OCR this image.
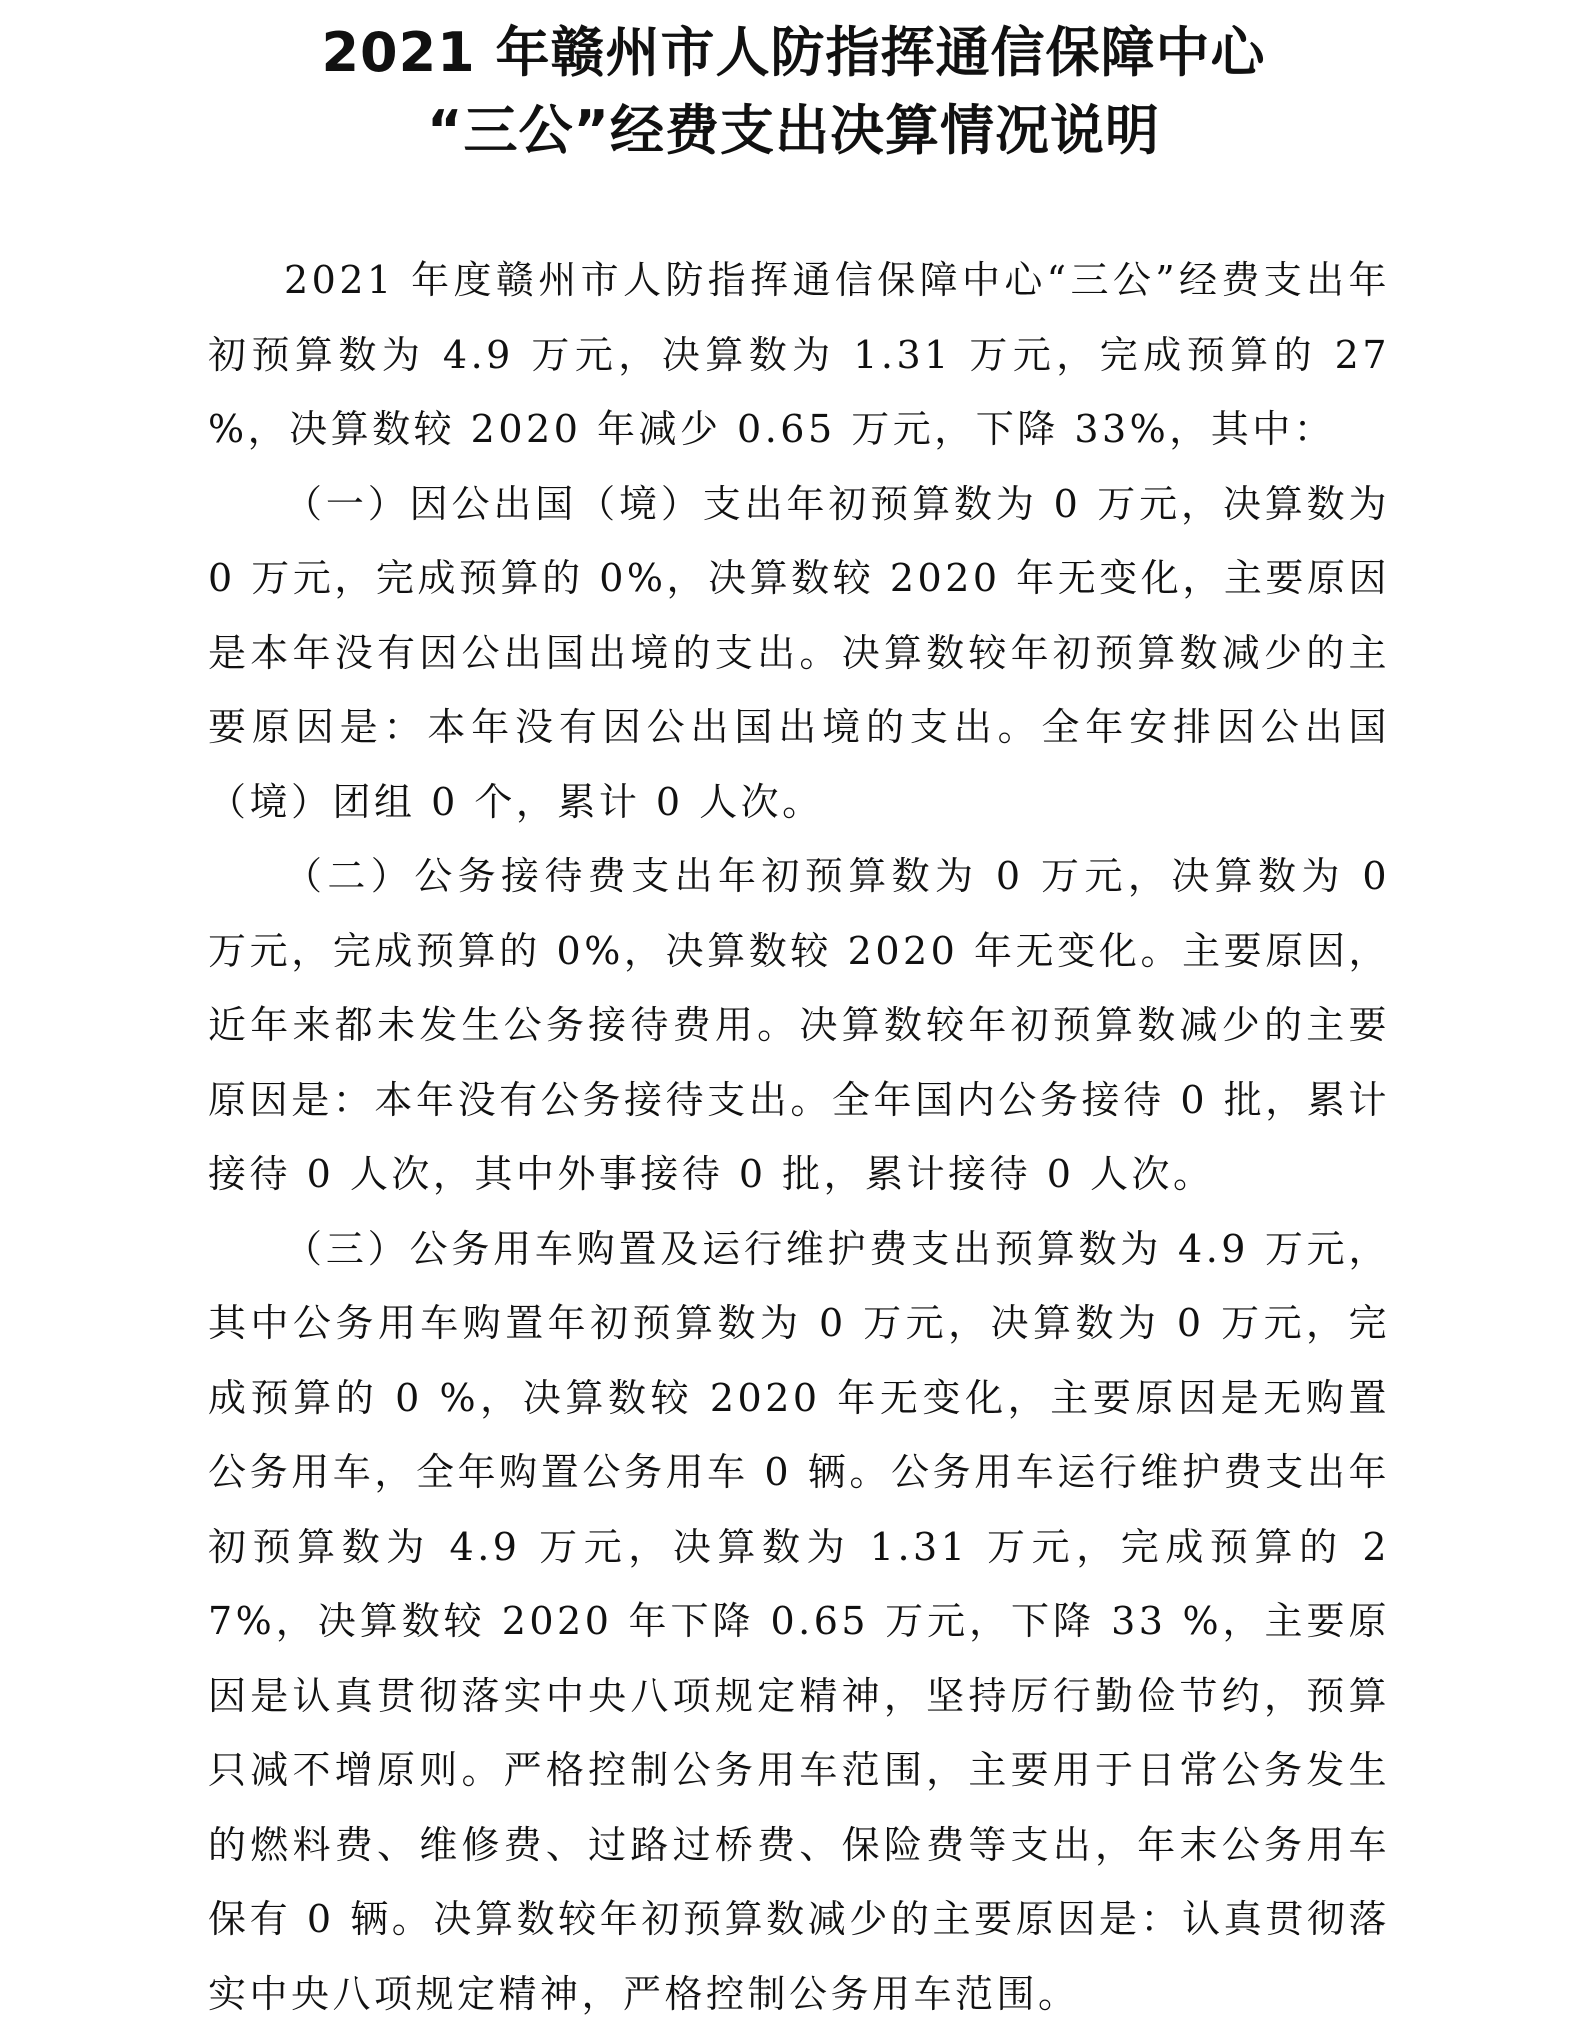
2021 年赣州市人防指挥通信保障中心

“三公”经费支出决算情况说明

2021 年度赣州市人防指挥通信保障中心“三公”经费支出年初预算数为 4.9 万元，决算数为 1.31 万元，完成预算的 27 %，决算数较 2020 年减少 0.65 万元，下降 33%，其中：

（一）因公出国（境）支出年初预算数为 0 万元，决算数为 0 万元，完成预算的 0%，决算数较 2020 年无变化，主要原因是本年没有因公出国出境的支出。决算数较年初预算数减少的主要原因是：本年没有因公出国出境的支出。全年安排因公出国（境）团组 0 个，累计 0 人次。

（二）公务接待费支出年初预算数为 0 万元，决算数为 0 万元，完成预算的 0%，决算数较 2020 年无变化。主要原因，近年来都未发生公务接待费用。决算数较年初预算数减少的主要原因是：本年没有公务接待支出。全年国内公务接待 0 批，累计接待 0 人次，其中外事接待 0 批，累计接待 0 人次。

（三）公务用车购置及运行维护费支出预算数为 4.9 万元，其中公务用车购置年初预算数为 0 万元，决算数为 0 万元，完成预算的 0 %，决算数较 2020 年无变化，主要原因是无购置公务用车，全年购置公务用车 0 辆。公务用车运行维护费支出年初预算数为 4.9 万元，决算数为 1.31 万元，完成预算的 27%，决算数较 2020 年下降 0.65 万元，下降 33 %，主要原因是认真贯彻落实中央八项规定精神，坚持厉行勤俭节约，预算只减不增原则。严格控制公务用车范围，主要用于日常公务发生的燃料费、维修费、过路过桥费、保险费等支出，年末公务用车保有 0 辆。决算数较年初预算数减少的主要原因是：认真贯彻落实中央八项规定精神，严格控制公务用车范围。
